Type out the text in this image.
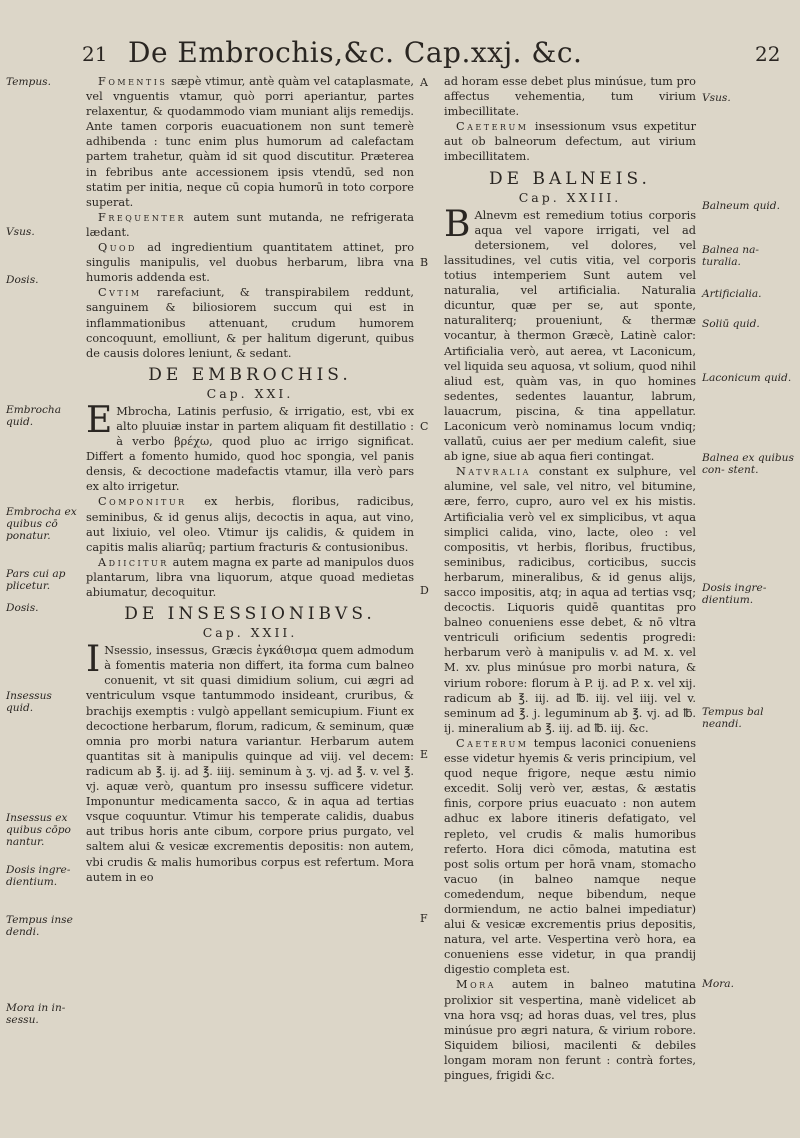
21 De Embrochis,&c. Cap.xxj. &c.	22
Tempus.
Vsus.
Dosis.
Embrocha quid.
Embrocha ex quibus cō ponatur.
Pars cui ap plicetur.
Dosis.
Insessus quid.
Insessus ex quibus cōpo nantur.
Dosis ingre- dientium.
Tempus inse dendi.
Mora in in- sessu.
A
B
C
D
E
F

Fomentis sæpè vtimur, antè quàm vel cataplasmate, vel vnguentis vtamur, quò porri aperiantur, partes relaxentur, & quodammodo viam muniant alijs remedijs. Ante tamen corporis euacuationem non sunt temerè adhibenda : tunc enim plus humorum ad calefactam partem trahetur, quàm id sit quod discutitur. Præterea in febribus ante accessionem ipsis vtendū, sed non statim per initia, neque cū copia humorū in toto corpore superat.

Frequenter autem sunt mutanda, ne refrigerata lædant.

Quod ad ingredientium quantitatem attinet, pro singulis manipulis, vel duobus herbarum, libra vna humoris addenda est.

Cvtim rarefaciunt, & transpirabilem reddunt, sanguinem & biliosiorem succum qui est in inflammationibus attenuant, crudum humorem concoquunt, emolliunt, & per halitum digerunt, quibus de causis dolores leniunt, & sedant.

DE EMBROCHIS.
Cap. XXI.

E Mbrocha, Latinis perfusio, & irrigatio, est, vbi ex alto pluuiæ instar in partem aliquam fit destillatio : à verbo βρέχω, quod pluo ac irrigo significat. Differt a fomento humido, quod hoc spongia, vel panis densis, & decoctione madefactis vtamur, illa verò pars ex alto irrigetur.

Componitur ex herbis, floribus, radicibus, seminibus, & id genus alijs, decoctis in aqua, aut vino, aut lixiuio, vel oleo. Vtimur ijs calidis, & quidem in capitis malis aliarūq; partium fracturis & contusionibus.

Adiicitur autem magna ex parte ad manipulos duos plantarum, libra vna liquorum, atque quoad medietas abiumatur, decoquitur.

DE INSESSIONIBVS.
Cap. XXII.

I Nsessio, insessus, Græcis ἐγκάθισμα quem admodum à fomentis materia non differt, ita forma cum balneo conuenit, vt sit quasi dimidium solium, cui ægri ad ventriculum vsque tantummodo insideant, cruribus, & brachijs exemptis : vulgò appellant semicupium. Fiunt ex decoctione herbarum, florum, radicum, & seminum, quæ omnia pro morbi natura variantur. Herbarum autem quantitas sit à manipulis quinque ad viij. vel decem: radicum ab ℥. ij. ad ℥. iiij. seminum à ʒ. vj. ad ℥. v. vel ℥. vj. aquæ verò, quantum pro insessu sufficere videtur. Imponuntur medicamenta sacco, & in aqua ad tertias vsque coquuntur. Vtimur his temperate calidis, duabus aut tribus horis ante cibum, corpore prius purgato, vel saltem alui & vesicæ excrementis depositis: non autem, vbi crudis & malis humoribus corpus est refertum. Mora autem in eo

ad horam esse debet plus minúsue, tum pro affectus vehementia, tum virium imbecillitate.

Caeterum insessionum vsus expetitur aut ob balneorum defectum, aut virium imbecillitatem.

DE BALNEIS.
Cap. XXIII.

B Alnevm est remedium totius corporis aqua vel vapore irrigati, vel ad detersionem, vel dolores, vel lassitudines, vel cutis vitia, vel corporis totius intemperiem Sunt autem vel naturalia, vel artificialia. Naturalia dicuntur, quæ per se, aut sponte, naturaliterq; proueniunt, & thermæ vocantur, à thermon Græcè, Latinè calor: Artificialia verò, aut aerea, vt Laconicum, vel liquida seu aquosa, vt solium, quod nihil aliud est, quàm vas, in quo homines sedentes, sedentes lauantur, labrum, lauacrum, piscina, & tina appellatur. Laconicum verò nominamus locum vndiq; vallatū, cuius aer per medium calefit, siue ab igne, siue ab aqua fieri contingat.

Natvralia constant ex sulphure, vel alumine, vel sale, vel nitro, vel bitumine, ære, ferro, cupro, auro vel ex his mistis. Artificialia verò vel ex simplicibus, vt aqua simplici calida, vino, lacte, oleo : vel compositis, vt herbis, floribus, fructibus, seminibus, radicibus, corticibus, succis herbarum, mineralibus, & id genus alijs, sacco impositis, atq; in aqua ad tertias vsq; decoctis. Liquoris quidē quantitas pro balneo conueniens esse debet, & nō vltra ventriculi orificium sedentis progredi: herbarum verò à manipulis v. ad M. x. vel M. xv. plus minúsue pro morbi natura, & virium robore: florum à P. ij. ad P. x. vel xij. radicum ab ℥. iij. ad ℔. iij. vel iiij. vel v. seminum ad ℥. j. leguminum ab ℥. vj. ad ℔. ij. mineralium ab ℥. iij. ad ℔. iij. &c.

Caeterum tempus laconici conueniens esse videtur hyemis & veris principium, vel quod neque frigore, neque æstu nimio excedit. Solij verò ver, æstas, & æstatis finis, corpore prius euacuato : non autem adhuc ex labore itineris defatigato, vel repleto, vel crudis & malis humoribus referto. Hora dici cōmoda, matutina est post solis ortum per horā vnam, stomacho vacuo (in balneo namque neque comedendum, neque bibendum, neque dormiendum, ne actio balnei impediatur) alui & vesicæ excrementis prius depositis, natura, vel arte. Vespertina verò hora, ea conueniens esse videtur, in qua prandij digestio completa est.

Mora autem in balneo matutina prolixior sit vespertina, manè videlicet ab vna hora vsq; ad horas duas, vel tres, plus minúsue pro ægri natura, & virium robore. Siquidem biliosi, macilenti & debiles longam moram non ferunt : contrà fortes, pingues, frigidi &c.

Vsus.
Balneum quid.
Balnea na- turalia.
Artificialia.
Soliū quid.
Laconicum quid.
Balnea ex quibus con- stent.
Dosis ingre- dientium.
Tempus bal neandi.
Mora.
